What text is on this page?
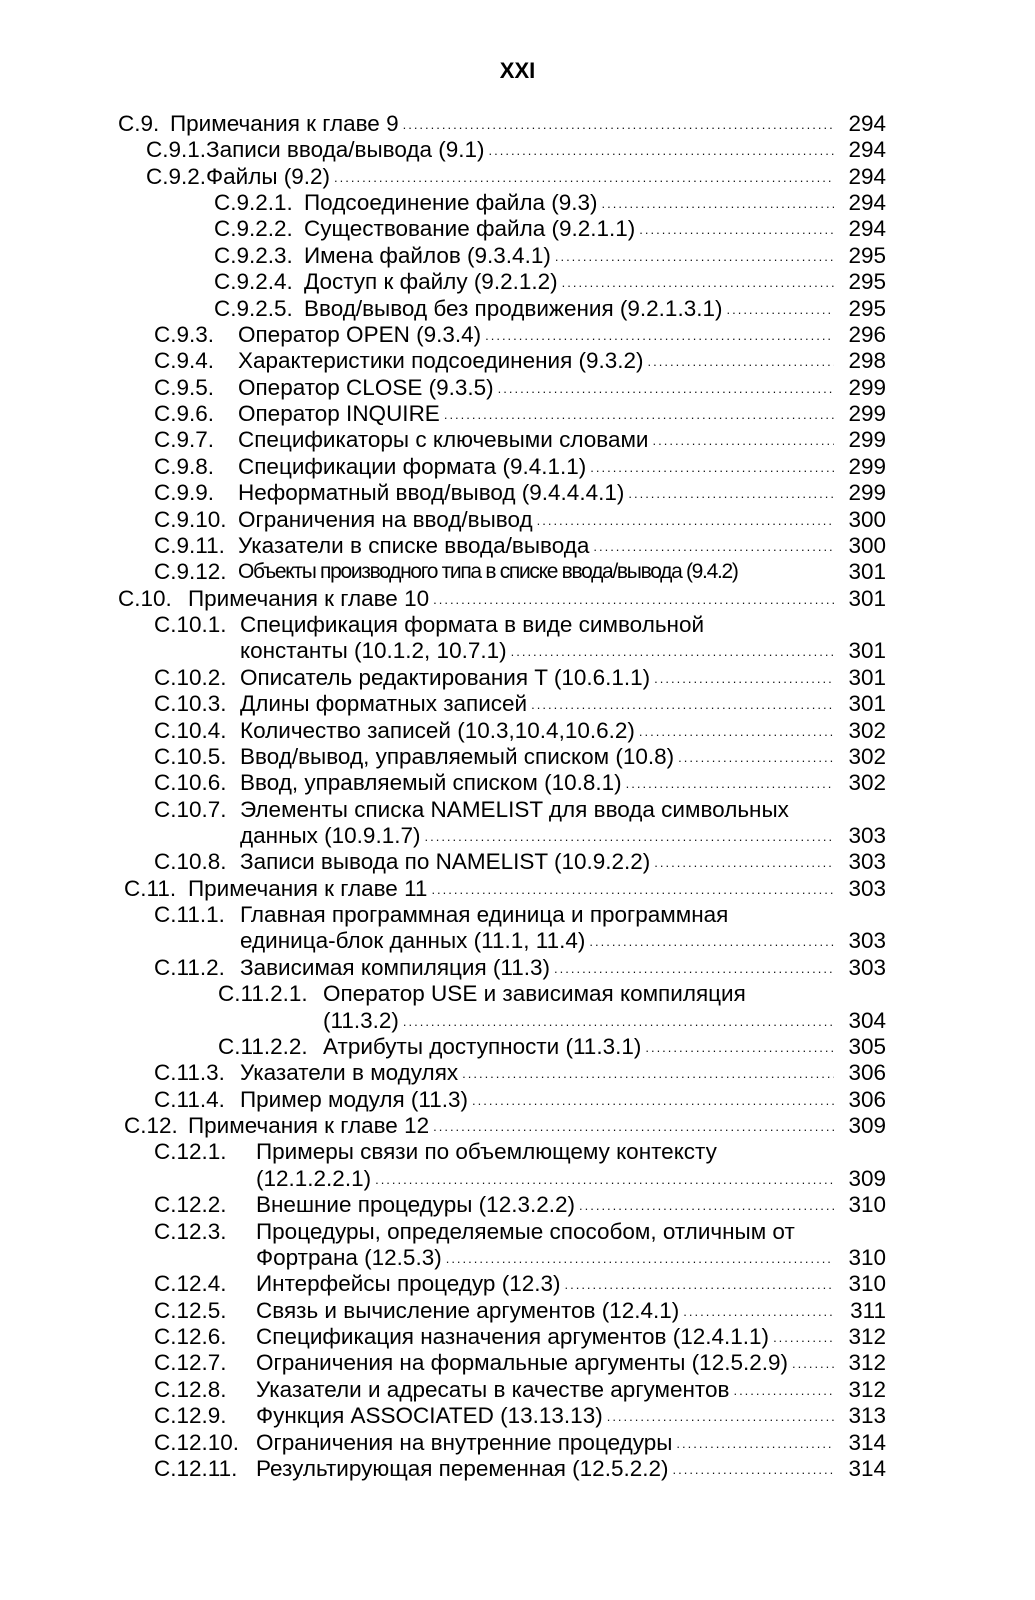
XXI
C.9. Примечания к главе 9 .....	294
C.9.1. Записи ввода/вывода (9.1) .....	294
C.9.2. Файлы (9.2) .....	294
C.9.2.1. Подсоединение файла (9.3) .....	294
C.9.2.2. Существование файла (9.2.1.1) .....	294
C.9.2.3. Имена файлов (9.3.4.1) .....	295
C.9.2.4. Доступ к файлу (9.2.1.2) .....	295
C.9.2.5. Ввод/вывод без продвижения (9.2.1.3.1) .....	295
C.9.3.	Оператор OPEN (9.3.4) .....	296
C.9.4.	Характеристики подсоединения (9.3.2) .....	298
C.9.5.	Оператор CLOSE (9.3.5) .....	299
C.9.6.	Оператор INQUIRE .....	299
C.9.7.	Спецификаторы с ключевыми словами .....	299
C.9.8.	Спецификации формата (9.4.1.1) .....	299
C.9.9.	Неформатный ввод/вывод (9.4.4.4.1) .....	299
C.9.10. Ограничения на ввод/вывод .....	300
C.9.11. Указатели в списке ввода/вывода .....	300
C.9.12. Объекты производного типа в списке ввода/вывода (9.4.2)	301
C.10. Примечания к главе 10 .....	301
C.10.1. Спецификация формата в виде символьной
константы (10.1.2, 10.7.1) .....	301
C.10.2. Описатель редактирования T (10.6.1.1) .....	301
C.10.3. Длины форматных записей .....	301
C.10.4. Количество записей (10.3,10.4,10.6.2) .....	302
C.10.5. Ввод/вывод, управляемый списком (10.8) .....	302
C.10.6. Ввод, управляемый списком (10.8.1) .....	302
C.10.7. Элементы списка NAMELIST для ввода символьных
данных (10.9.1.7) .....	303
C.10.8. Записи вывода по NAMELIST (10.9.2.2) .....	303
C.11. Примечания к главе 11 .....	303
C.11.1. Главная программная единица и программная
единица-блок данных (11.1, 11.4) .....	303
C.11.2. Зависимая компиляция (11.3) .....	303
C.11.2.1. Оператор USE и зависимая компиляция
(11.3.2) .....	304
C.11.2.2. Атрибуты доступности (11.3.1) .....	305
C.11.3. Указатели в модулях .....	306
C.11.4. Пример модуля (11.3) .....	306
C.12. Примечания к главе 12 .....	309
C.12.1.	Примеры связи по объемлющему контексту
(12.1.2.2.1) .....	309
C.12.2.	Внешние процедуры (12.3.2.2) .....	310
C.12.3.	Процедуры, определяемые способом, отличным от
Фортрана (12.5.3) .....	310
C.12.4.	Интерфейсы процедур (12.3) .....	310
C.12.5.	Связь и вычисление аргументов (12.4.1) .....	311
C.12.6.	Спецификация назначения аргументов (12.4.1.1) .....	312
C.12.7.	Ограничения на формальные аргументы (12.5.2.9) .....	312
C.12.8.	Указатели и адресаты в качестве аргументов .....	312
C.12.9.	Функция ASSOCIATED (13.13.13) .....	313
C.12.10. Ограничения на внутренние процедуры .....	314
C.12.11. Результирующая переменная (12.5.2.2) .....	314
